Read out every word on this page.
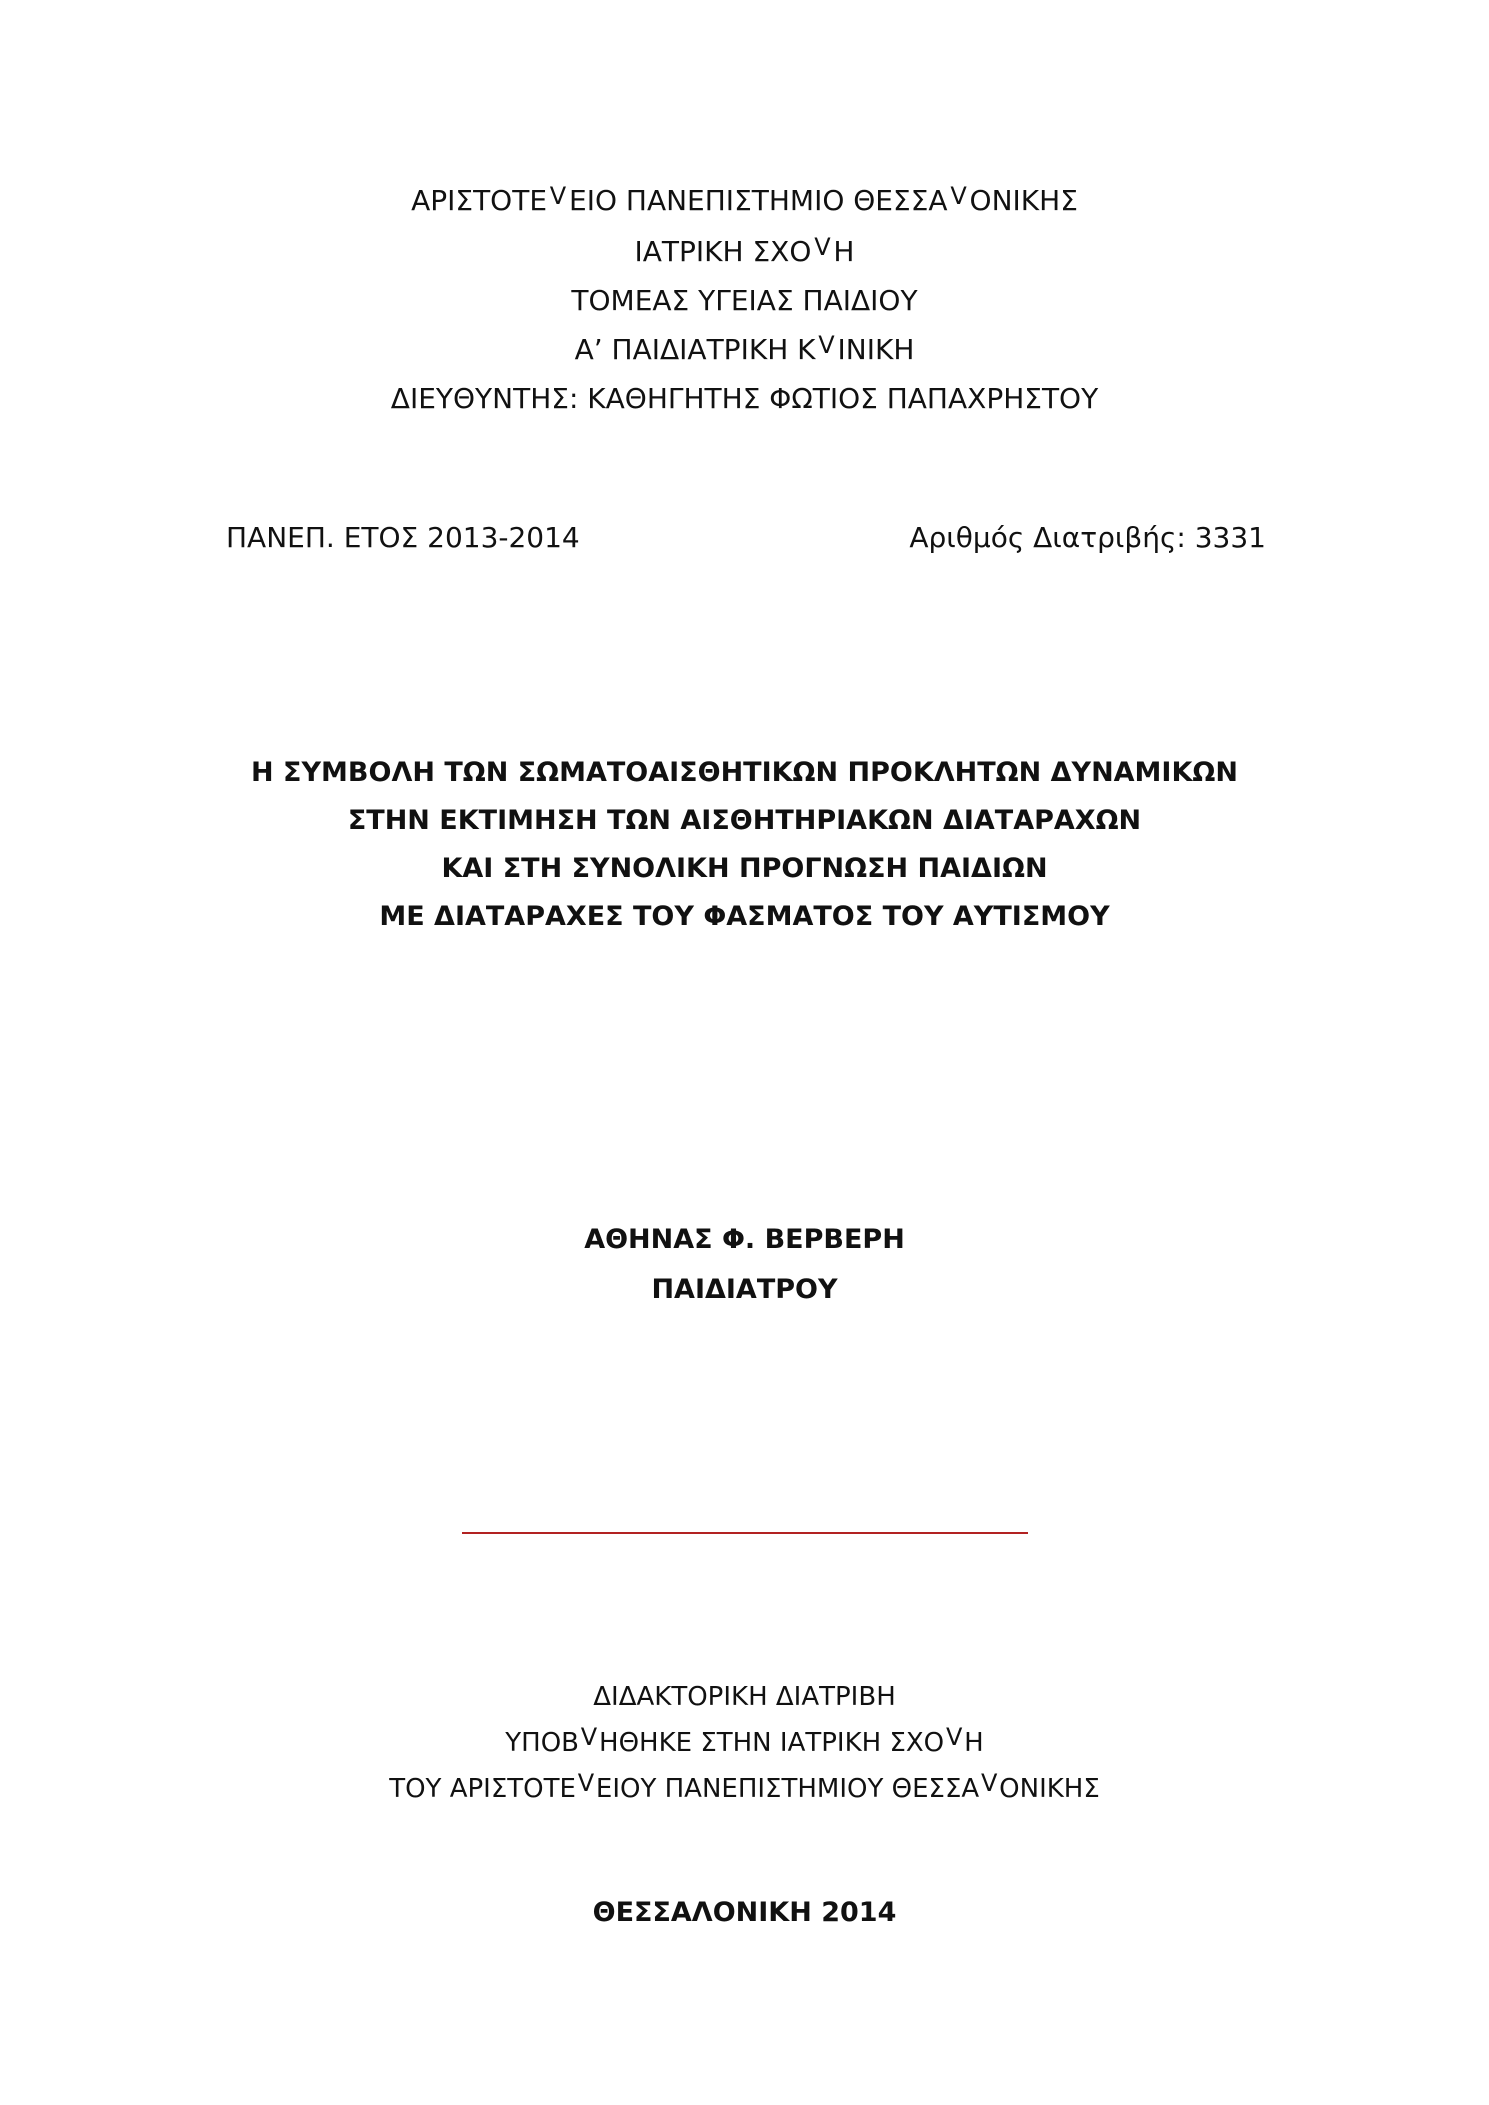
ΑΡΙΣΤΟΤΕ V ΕΙΟ ΠΑΝΕΠΙΣΤΗΜΙΟ ΘΕΣΣΑ V ΟΝΙΚΗΣ
ΙΑΤΡΙΚΗ ΣΧΟ V Η
ΤΟΜΕΑΣ ΥΓΕΙΑΣ ΠΑΙΔΙΟΥ
Α’ ΠΑΙΔΙΑΤΡΙΚΗ Κ V ΙΝΙΚΗ
ΔΙΕΥΘΥΝΤΗΣ: ΚΑΘΗΓΗΤΗΣ ΦΩΤΙΟΣ ΠΑΠΑΧΡΗΣΤΟΥ
ΠΑΝΕΠ. ΕΤΟΣ 2013-2014	Αριθμός Διατριβής: 3331
Η ΣΥΜΒΟΛΗ ΤΩΝ ΣΩΜΑΤΟΑΙΣΘΗΤΙΚΩΝ ΠΡΟΚΛΗΤΩΝ ΔΥΝΑΜΙΚΩΝ
ΣΤΗΝ ΕΚΤΙΜΗΣΗ ΤΩΝ ΑΙΣΘΗΤΗΡΙΑΚΩΝ ΔΙΑΤΑΡΑΧΩΝ
ΚΑΙ ΣΤΗ ΣΥΝΟΛΙΚΗ ΠΡΟΓΝΩΣΗ ΠΑΙΔΙΩΝ
ΜΕ ΔΙΑΤΑΡΑΧΕΣ ΤΟΥ ΦΑΣΜΑΤΟΣ ΤΟΥ ΑΥΤΙΣΜΟΥ
ΑΘΗΝΑΣ Φ. ΒΕΡΒΕΡΗ
ΠΑΙΔΙΑΤΡΟΥ
ΔΙΔΑΚΤΟΡΙΚΗ ΔΙΑΤΡΙΒΗ
ΥΠΟΒ V ΗΘΗΚΕ ΣΤΗΝ ΙΑΤΡΙΚΗ ΣΧΟ V Η
ΤΟΥ ΑΡΙΣΤΟΤΕ V ΕΙΟΥ ΠΑΝΕΠΙΣΤΗΜΙΟΥ ΘΕΣΣΑ V ΟΝΙΚΗΣ
ΘΕΣΣΑΛΟΝΙΚΗ 2014
